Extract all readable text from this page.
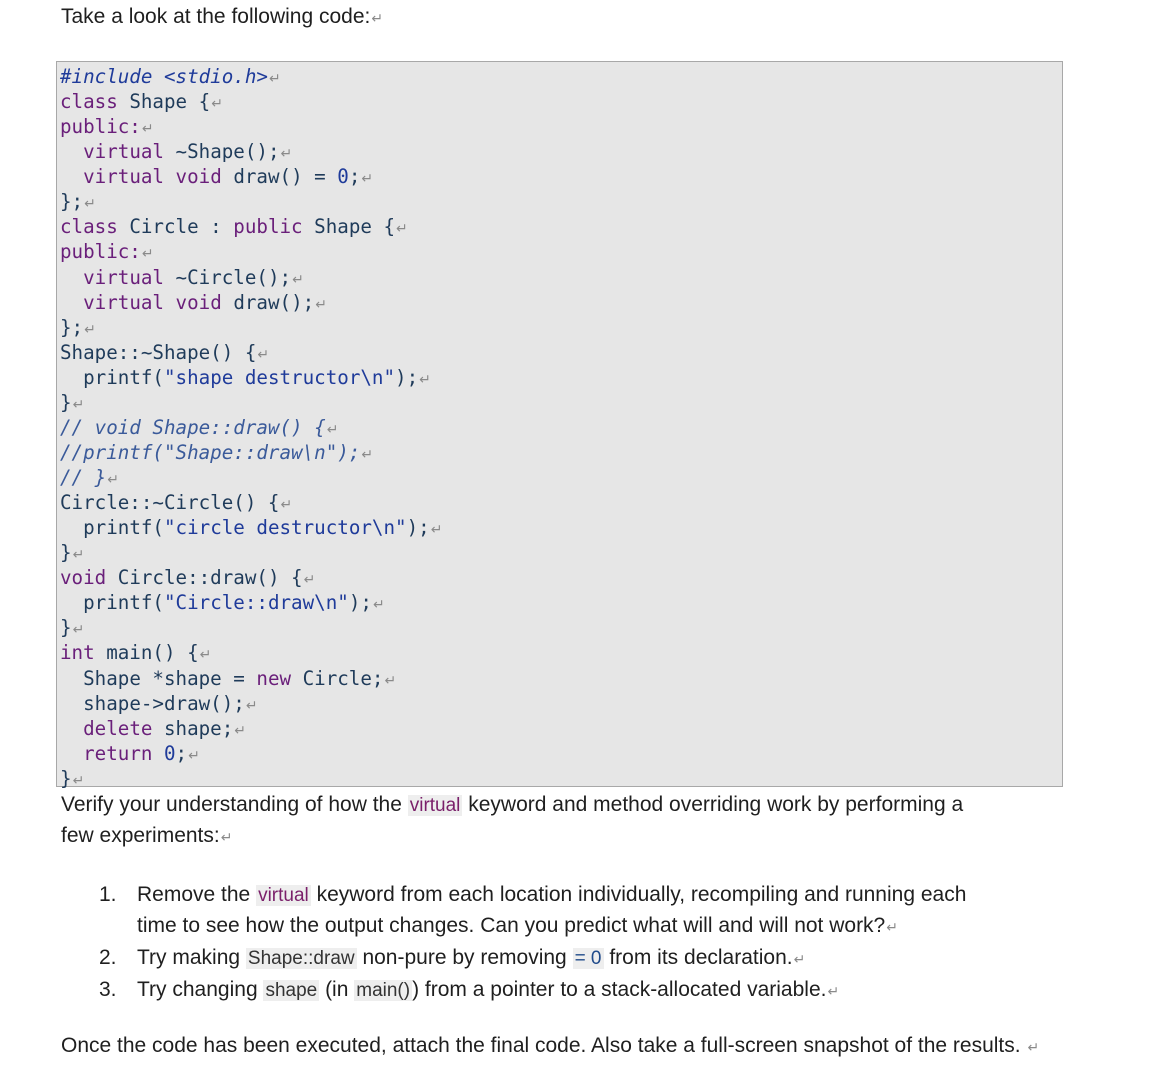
Take a look at the following code:↵

#include <stdio.h>↵
class Shape {↵
public:↵
virtual ~Shape();↵
virtual void draw() = 0;↵
};↵
class Circle : public Shape {↵
public:↵
virtual ~Circle();↵
virtual void draw();↵
};↵
Shape::~Shape() {↵
printf("shape destructor\n");↵
}↵
// void Shape::draw() {↵
//printf("Shape::draw\n");↵
// }↵
Circle::~Circle() {↵
printf("circle destructor\n");↵
}↵
void Circle::draw() {↵
printf("Circle::draw\n");↵
}↵
int main() {↵
Shape *shape = new Circle;↵
shape->draw();↵
delete shape;↵
return 0;↵
}↵

Verify your understanding of how the virtual keyword and method overriding work by performing a
few experiments:↵

1. Remove the virtual keyword from each location individually, recompiling and running each
time to see how the output changes. Can you predict what will and will not work?↵
2. Try making Shape::draw non-pure by removing = 0 from its declaration.↵
3. Try changing shape (in main()) from a pointer to a stack-allocated variable.↵

Once the code has been executed, attach the final code. Also take a full-screen snapshot of the results. ↵
